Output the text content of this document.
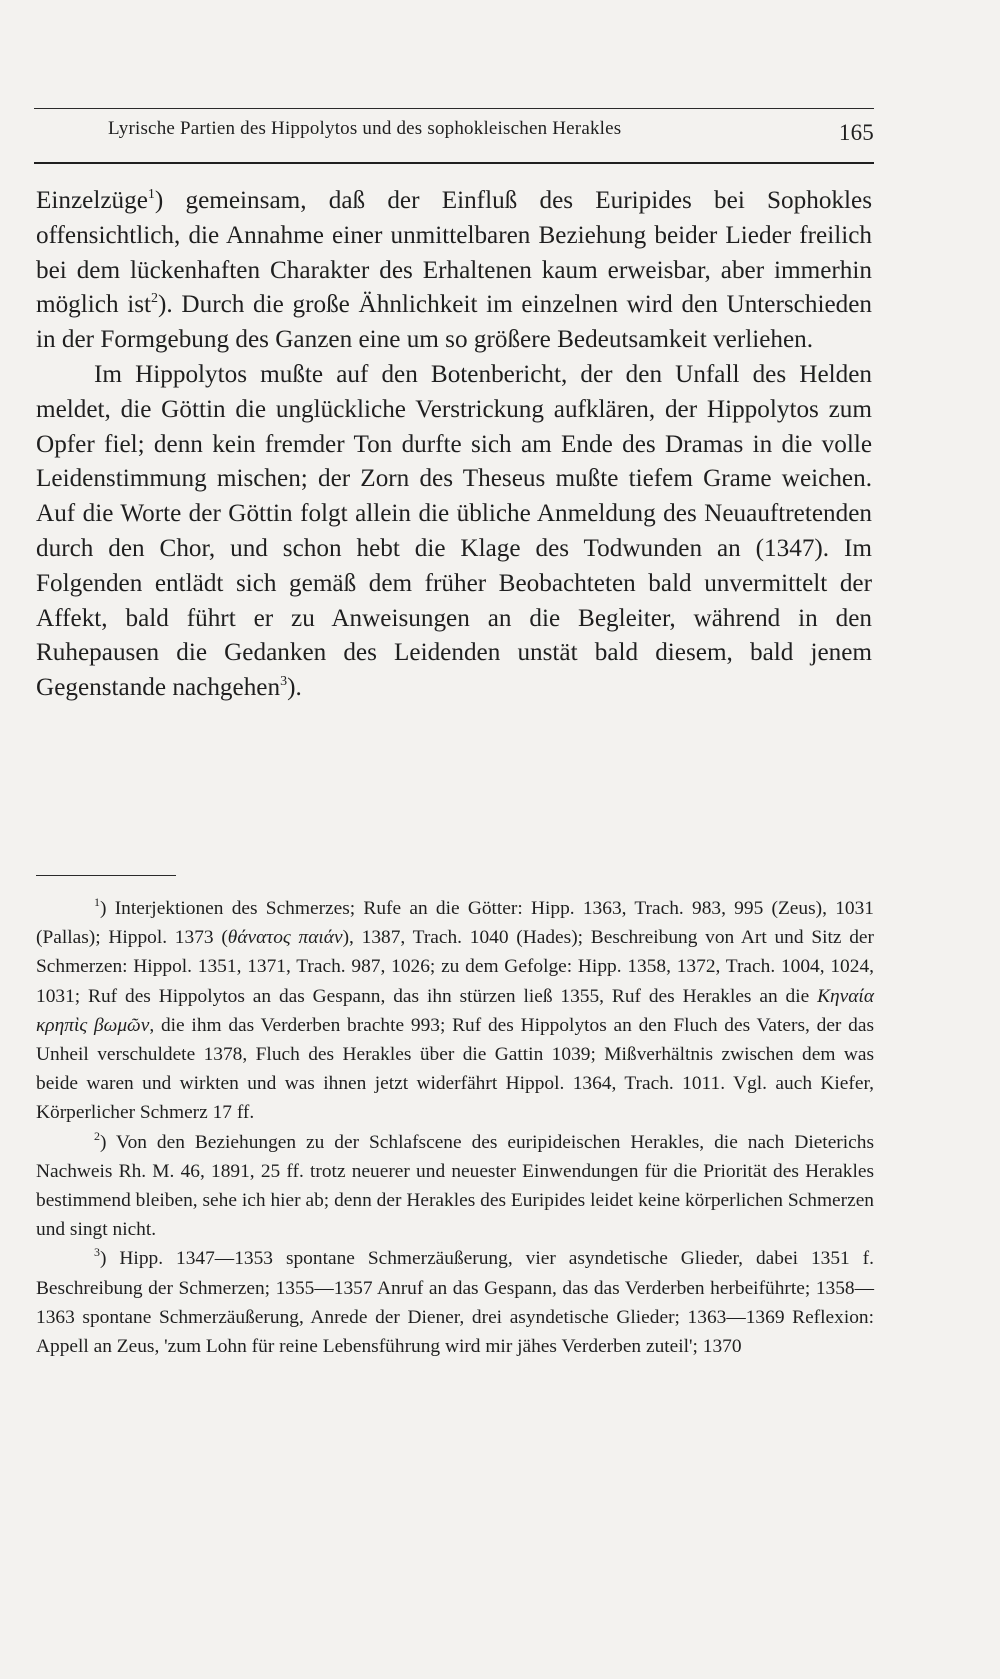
Lyrische Partien des Hippolytos und des sophokleischen Herakles	165

Einzelzüge$^1$) gemeinsam, daß der Einfluß des Euripides bei Sophokles offensichtlich, die Annahme einer unmittelbaren Beziehung beider Lieder freilich bei dem lückenhaften Charakter des Erhaltenen kaum erweisbar, aber immerhin möglich ist$^2$). Durch die große Ähnlichkeit im einzelnen wird den Unterschieden in der Formgebung des Ganzen eine um so größere Bedeutsamkeit verliehen.

Im Hippolytos mußte auf den Botenbericht, der den Unfall des Helden meldet, die Göttin die unglückliche Verstrickung aufklären, der Hippolytos zum Opfer fiel; denn kein fremder Ton durfte sich am Ende des Dramas in die volle Leidenstimmung mischen; der Zorn des Theseus mußte tiefem Grame weichen. Auf die Worte der Göttin folgt allein die übliche Anmeldung des Neuauftretenden durch den Chor, und schon hebt die Klage des Todwunden an (1347). Im Folgenden entlädt sich gemäß dem früher Beobachteten bald unvermittelt der Affekt, bald führt er zu Anweisungen an die Begleiter, während in den Ruhepausen die Gedanken des Leidenden unstät bald diesem, bald jenem Gegenstande nachgehen$^3$).

$^1$) Interjektionen des Schmerzes; Rufe an die Götter: Hipp. 1363, Trach. 983, 995 (Zeus), 1031 (Pallas); Hippol. 1373 (θάνατος παιάν), 1387, Trach. 1040 (Hades); Beschreibung von Art und Sitz der Schmerzen: Hippol. 1351, 1371, Trach. 987, 1026; zu dem Gefolge: Hipp. 1358, 1372, Trach. 1004, 1024, 1031; Ruf des Hippolytos an das Gespann, das ihn stürzen ließ 1355, Ruf des Herakles an die Κηναία κρηπὶς βωμῶν, die ihm das Verderben brachte 993; Ruf des Hippolytos an den Fluch des Vaters, der das Unheil verschuldete 1378, Fluch des Herakles über die Gattin 1039; Mißverhältnis zwischen dem was beide waren und wirkten und was ihnen jetzt widerfährt Hippol. 1364, Trach. 1011. Vgl. auch Kiefer, Körperlicher Schmerz 17 ff.

$^2$) Von den Beziehungen zu der Schlafscene des euripideischen Herakles, die nach Dieterichs Nachweis Rh. M. 46, 1891, 25 ff. trotz neuerer und neuester Einwendungen für die Priorität des Herakles bestimmend bleiben, sehe ich hier ab; denn der Herakles des Euripides leidet keine körperlichen Schmerzen und singt nicht.

$^3$) Hipp. 1347—1353 spontane Schmerzäußerung, vier asyndetische Glieder, dabei 1351 f. Beschreibung der Schmerzen; 1355—1357 Anruf an das Gespann, das das Verderben herbeiführte; 1358—1363 spontane Schmerzäußerung, Anrede der Diener, drei asyndetische Glieder; 1363—1369 Reflexion: Appell an Zeus, 'zum Lohn für reine Lebensführung wird mir jähes Verderben zuteil'; 1370
